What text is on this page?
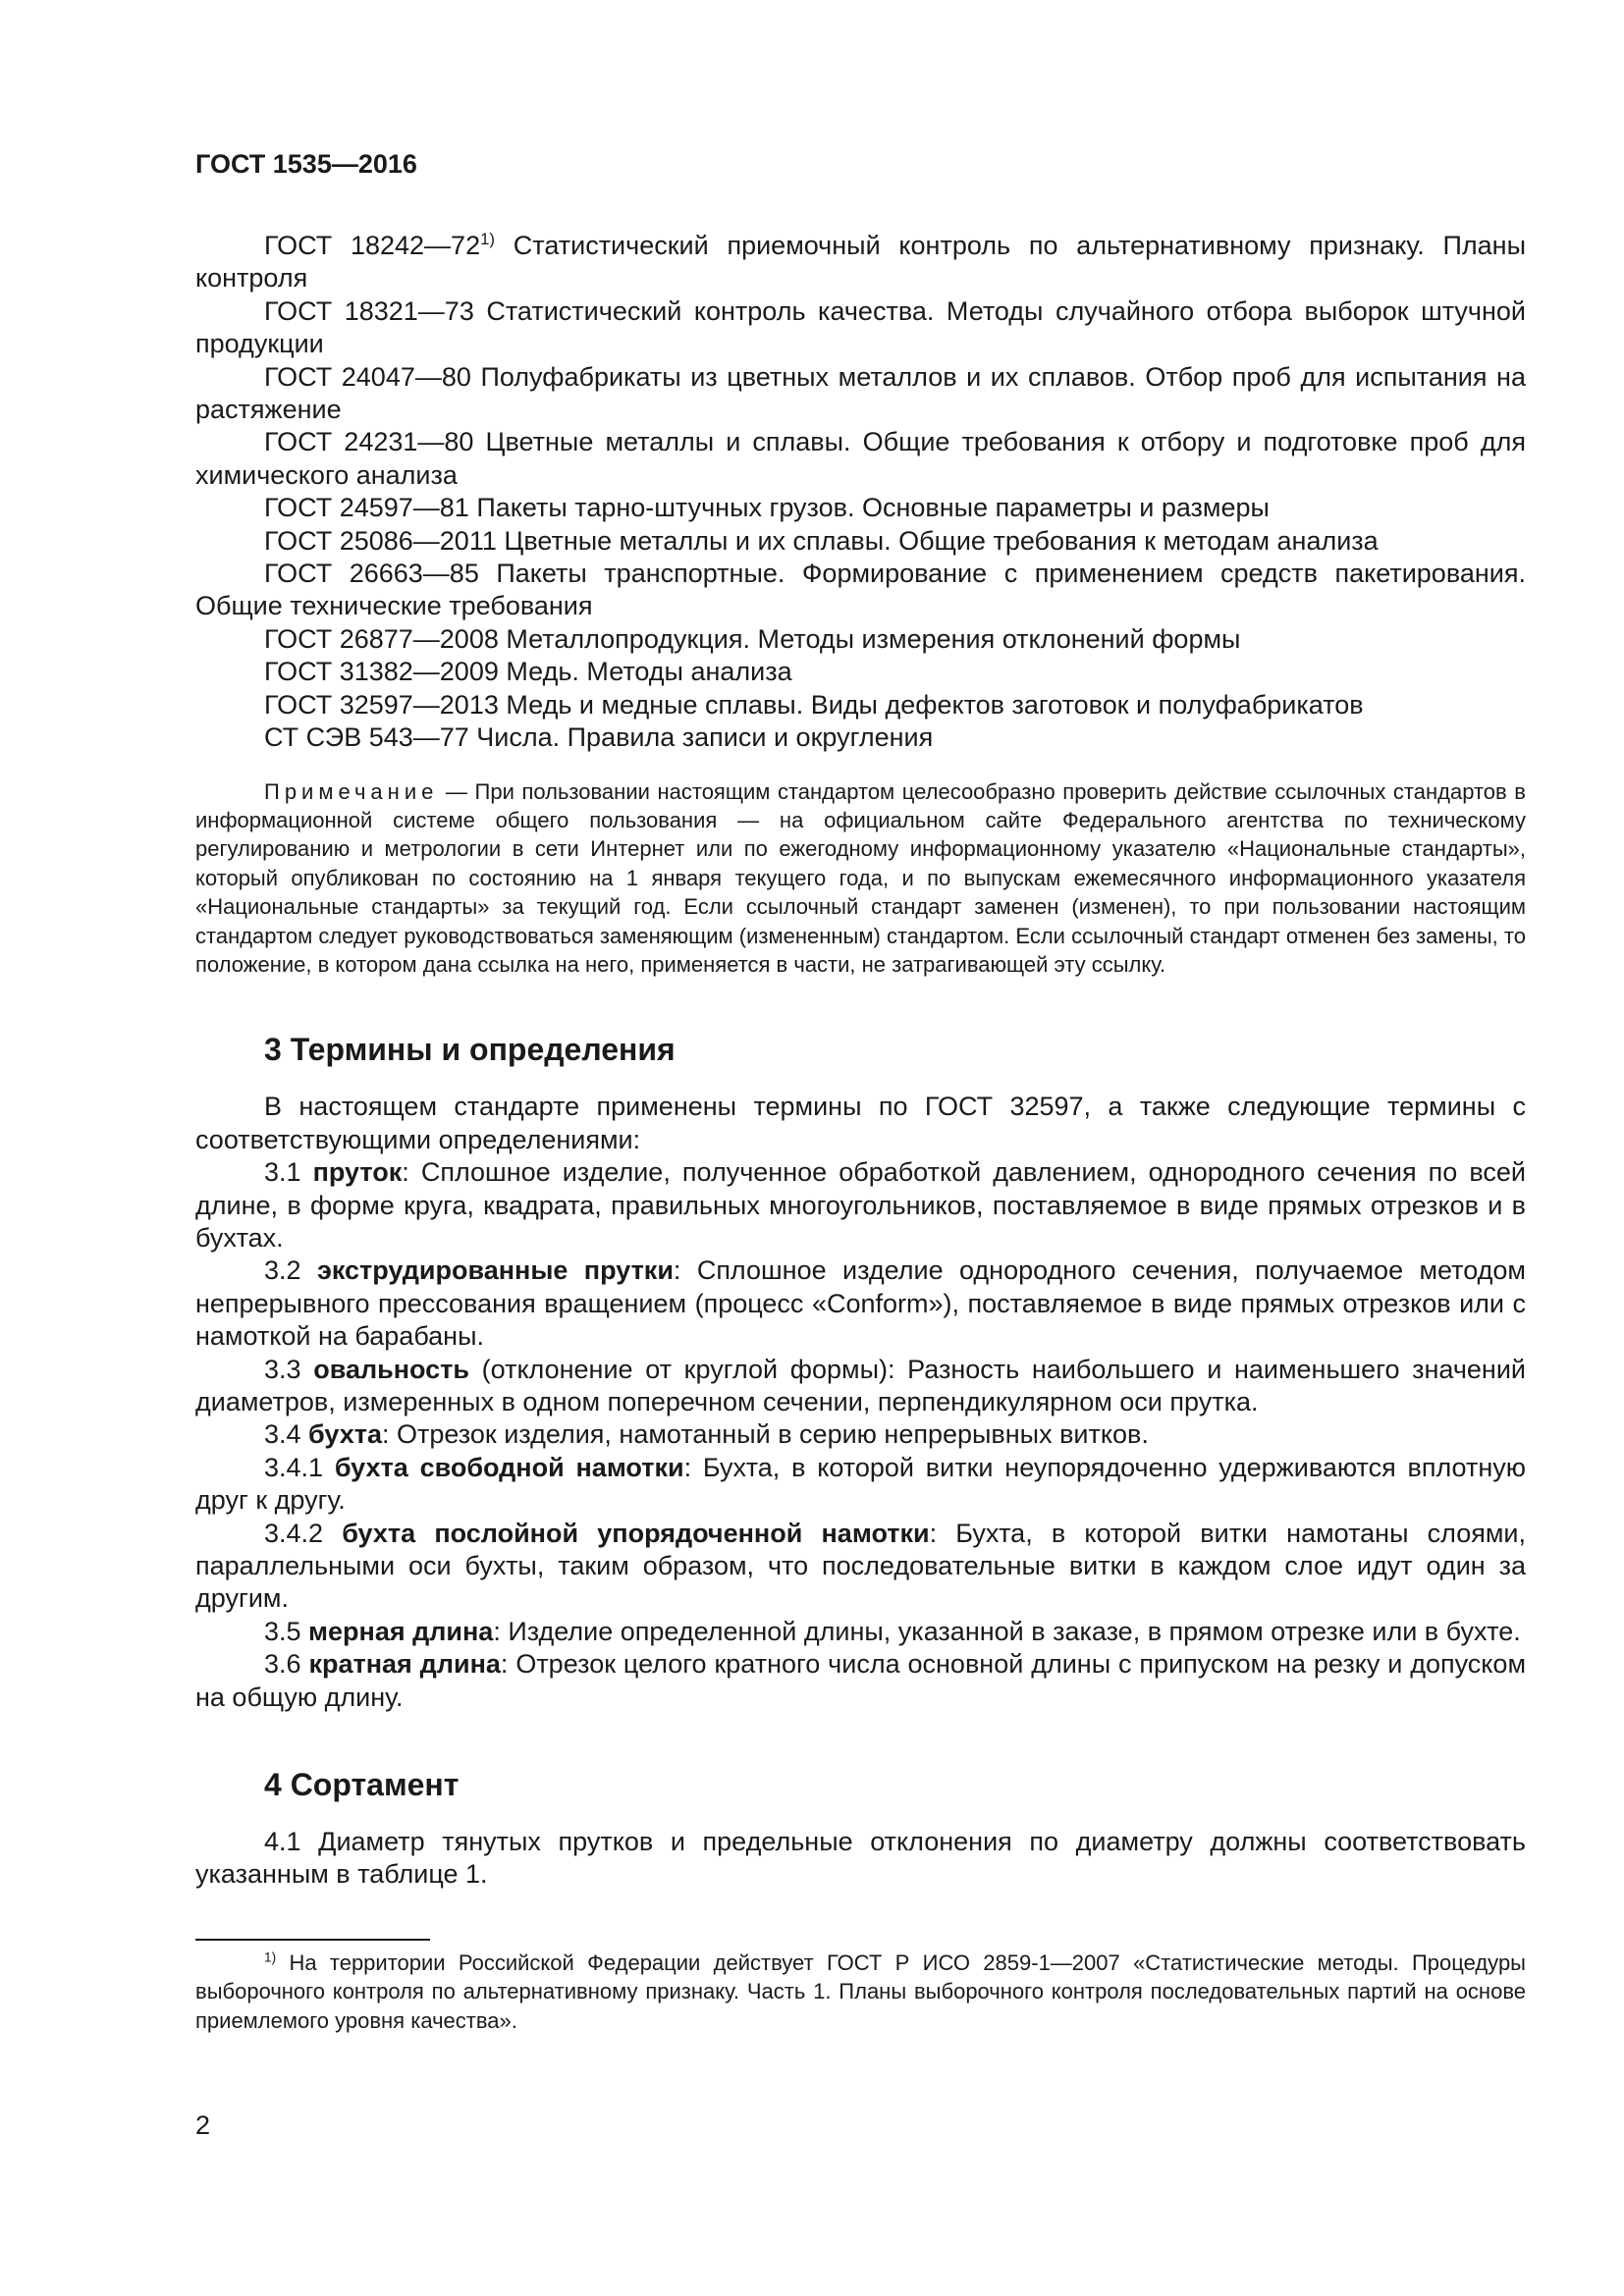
ГОСТ 1535—2016

ГОСТ 18242—72$^{1)}$ Статистический приемочный контроль по альтернативному признаку. Планы контроля

ГОСТ 18321—73 Статистический контроль качества. Методы случайного отбора выборок штучной продукции

ГОСТ 24047—80 Полуфабрикаты из цветных металлов и их сплавов. Отбор проб для испытания на растяжение

ГОСТ 24231—80 Цветные металлы и сплавы. Общие требования к отбору и подготовке проб для химического анализа

ГОСТ 24597—81 Пакеты тарно-штучных грузов. Основные параметры и размеры

ГОСТ 25086—2011 Цветные металлы и их сплавы. Общие требования к методам анализа

ГОСТ 26663—85 Пакеты транспортные. Формирование с применением средств пакетирования. Общие технические требования

ГОСТ 26877—2008 Металлопродукция. Методы измерения отклонений формы

ГОСТ 31382—2009 Медь. Методы анализа

ГОСТ 32597—2013 Медь и медные сплавы. Виды дефектов заготовок и полуфабрикатов

СТ СЭВ 543—77 Числа. Правила записи и округления

Примечание — При пользовании настоящим стандартом целесообразно проверить действие ссылочных стандартов в информационной системе общего пользования — на официальном сайте Федерального агентства по техническому регулированию и метрологии в сети Интернет или по ежегодному информационному указателю «Национальные стандарты», который опубликован по состоянию на 1 января текущего года, и по выпускам ежемесячного информационного указателя «Национальные стандарты» за текущий год. Если ссылочный стандарт заменен (изменен), то при пользовании настоящим стандартом следует руководствоваться заменяющим (измененным) стандартом. Если ссылочный стандарт отменен без замены, то положение, в котором дана ссылка на него, применяется в части, не затрагивающей эту ссылку.

3 Термины и определения

В настоящем стандарте применены термины по ГОСТ 32597, а также следующие термины с соответствующими определениями:

3.1 пруток: Сплошное изделие, полученное обработкой давлением, однородного сечения по всей длине, в форме круга, квадрата, правильных многоугольников, поставляемое в виде прямых отрезков и в бухтах.

3.2 экструдированные прутки: Сплошное изделие однородного сечения, получаемое методом непрерывного прессования вращением (процесс «Conform»), поставляемое в виде прямых отрезков или с намоткой на барабаны.

3.3 овальность (отклонение от круглой формы): Разность наибольшего и наименьшего значений диаметров, измеренных в одном поперечном сечении, перпендикулярном оси прутка.

3.4 бухта: Отрезок изделия, намотанный в серию непрерывных витков.

3.4.1 бухта свободной намотки: Бухта, в которой витки неупорядоченно удерживаются вплотную друг к другу.

3.4.2 бухта послойной упорядоченной намотки: Бухта, в которой витки намотаны слоями, параллельными оси бухты, таким образом, что последовательные витки в каждом слое идут один за другим.

3.5 мерная длина: Изделие определенной длины, указанной в заказе, в прямом отрезке или в бухте.

3.6 кратная длина: Отрезок целого кратного числа основной длины с припуском на резку и допуском на общую длину.

4 Сортамент

4.1 Диаметр тянутых прутков и предельные отклонения по диаметру должны соответствовать указанным в таблице 1.

$^{1)}$ На территории Российской Федерации действует ГОСТ Р ИСО 2859-1—2007 «Статистические методы. Процедуры выборочного контроля по альтернативному признаку. Часть 1. Планы выборочного контроля последовательных партий на основе приемлемого уровня качества».

2
